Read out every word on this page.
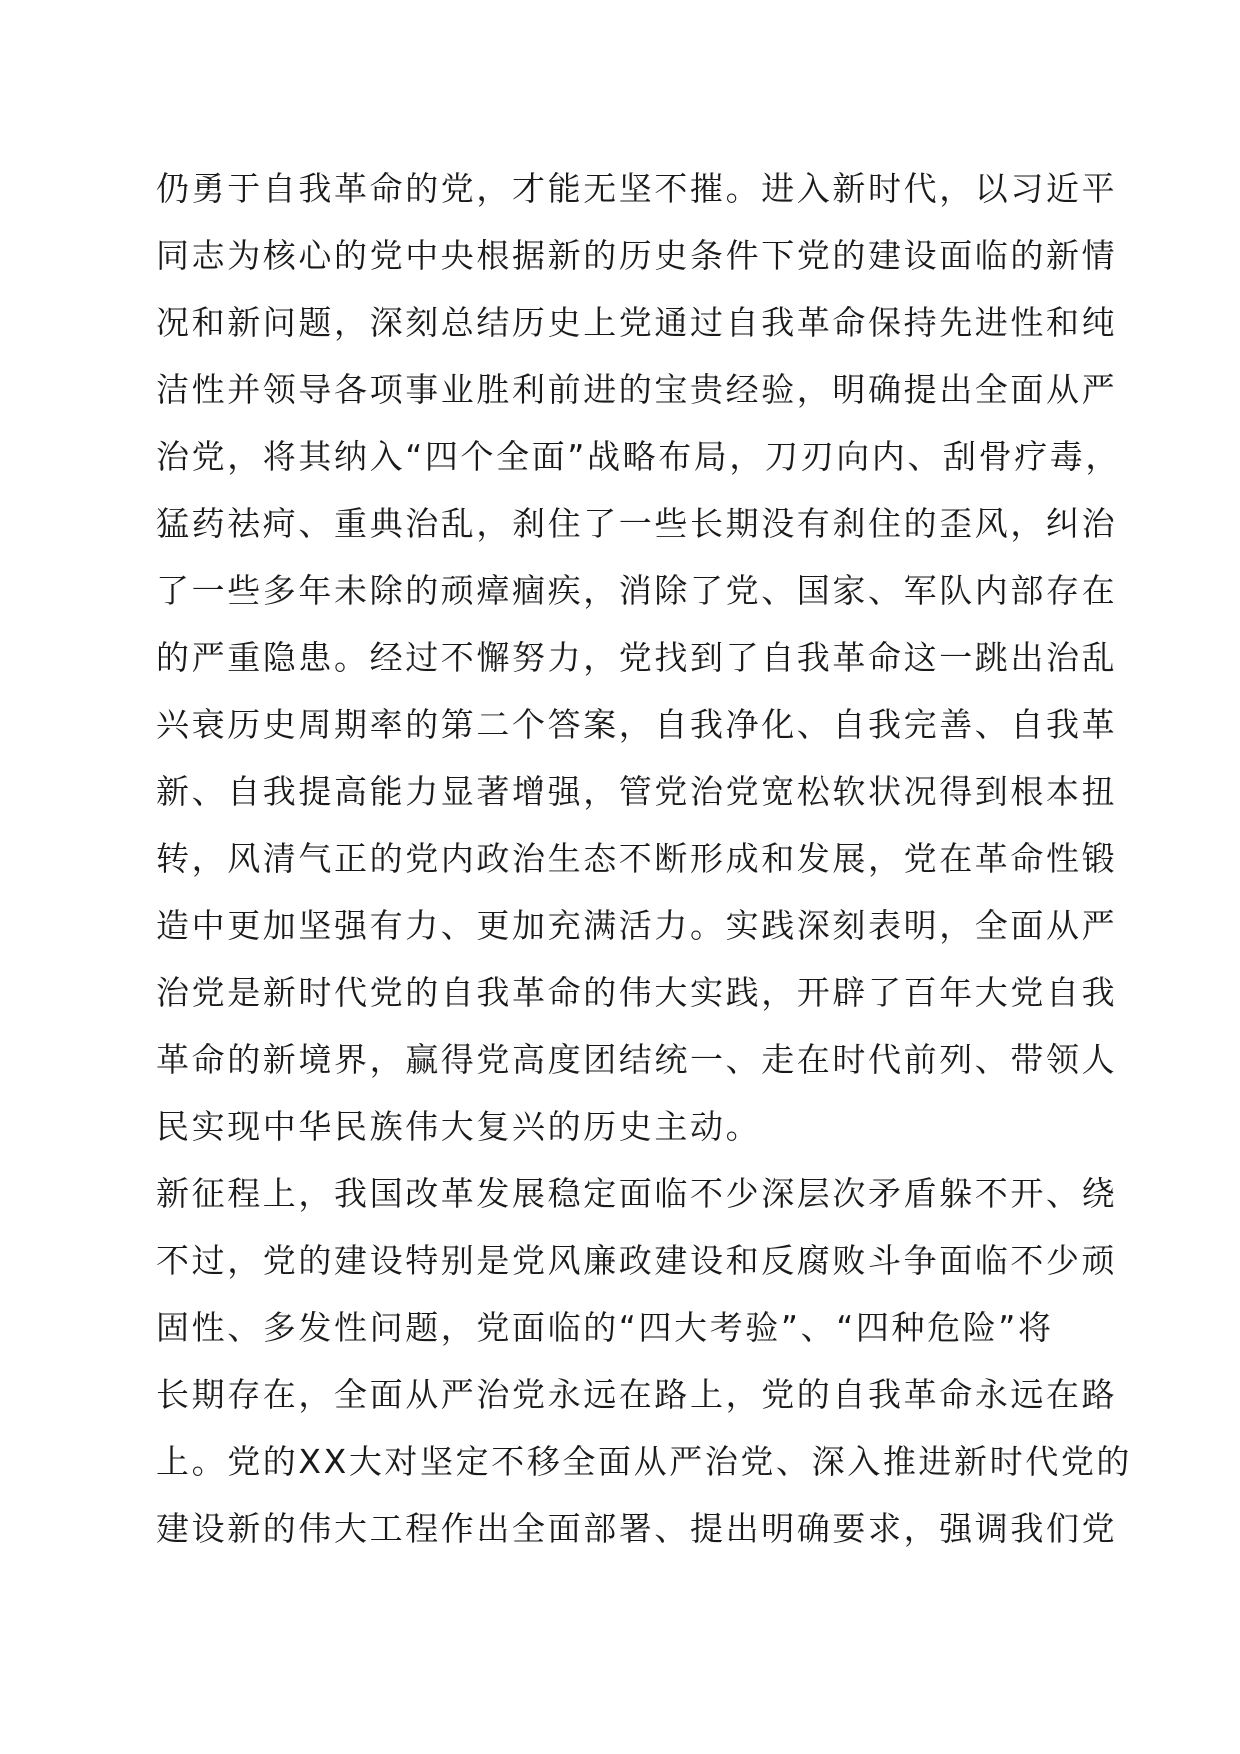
仍勇于自我革命的党，才能无坚不摧。进入新时代，以习近平
同志为核心的党中央根据新的历史条件下党的建设面临的新情
况和新问题，深刻总结历史上党通过自我革命保持先进性和纯
洁性并领导各项事业胜利前进的宝贵经验，明确提出全面从严
治党，将其纳入“四个全面”战略布局，刀刃向内、刮骨疗毒，
猛药祛疴、重典治乱，刹住了一些长期没有刹住的歪风，纠治
了一些多年未除的顽瘴痼疾，消除了党、国家、军队内部存在
的严重隐患。经过不懈努力，党找到了自我革命这一跳出治乱
兴衰历史周期率的第二个答案，自我净化、自我完善、自我革
新、自我提高能力显著增强，管党治党宽松软状况得到根本扭
转，风清气正的党内政治生态不断形成和发展，党在革命性锻
造中更加坚强有力、更加充满活力。实践深刻表明，全面从严
治党是新时代党的自我革命的伟大实践，开辟了百年大党自我
革命的新境界，赢得党高度团结统一、走在时代前列、带领人
民实现中华民族伟大复兴的历史主动。
新征程上，我国改革发展稳定面临不少深层次矛盾躲不开、绕
不过，党的建设特别是党风廉政建设和反腐败斗争面临不少顽
固性、多发性问题，党面临的“四大考验”、“四种危险”将
长期存在，全面从严治党永远在路上，党的自我革命永远在路
上。党的XX大对坚定不移全面从严治党、深入推进新时代党的
建设新的伟大工程作出全面部署、提出明确要求，强调我们党
